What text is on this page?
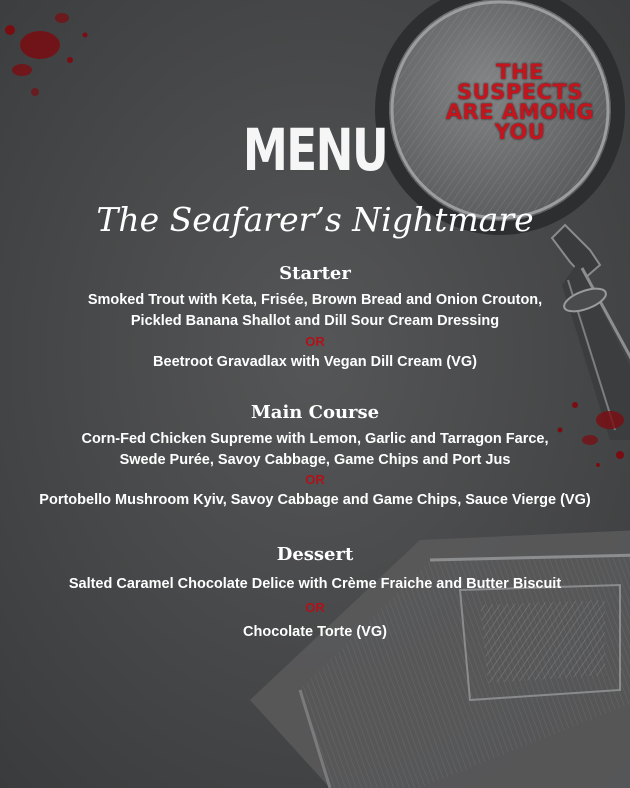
THE
SUSPECTS
ARE AMONG
YOU
MENU
The Seafarer’s Nightmare
Starter
Smoked Trout with Keta, Frisée, Brown Bread and Onion Crouton,
Pickled Banana Shallot and Dill Sour Cream Dressing
OR
Beetroot Gravadlax with Vegan Dill Cream (VG)
Main Course
Corn-Fed Chicken Supreme with Lemon, Garlic and Tarragon Farce,
Swede Purée, Savoy Cabbage, Game Chips and Port Jus
OR
Portobello Mushroom Kyiv, Savoy Cabbage and Game Chips, Sauce Vierge (VG)
Dessert
Salted Caramel Chocolate Delice with Crème Fraiche and Butter Biscuit
OR
Chocolate Torte (VG)
